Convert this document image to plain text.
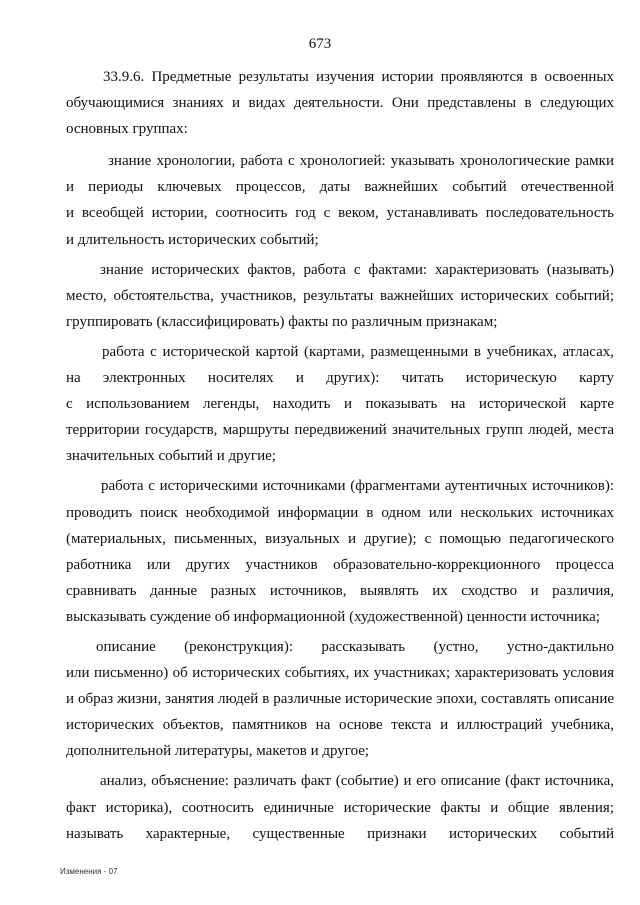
673
33.9.6. Предметные результаты изучения истории проявляются в освоенных
обучающимися знаниях и видах деятельности. Они представлены в следующих
основных группах:
знание хронологии, работа с хронологией: указывать хронологические рамки
и периоды ключевых процессов, даты важнейших событий отечественной
и всеобщей истории, соотносить год с веком, устанавливать последовательность
и длительность исторических событий;
знание исторических фактов, работа с фактами: характеризовать (называть)
место, обстоятельства, участников, результаты важнейших исторических событий;
группировать (классифицировать) факты по различным признакам;
работа с исторической картой (картами, размещенными в учебниках, атласах,
на электронных носителях и других): читать историческую карту
с использованием легенды, находить и показывать на исторической карте
территории государств, маршруты передвижений значительных групп людей, места
значительных событий и другие;
работа с историческими источниками (фрагментами аутентичных источников):
проводить поиск необходимой информации в одном или нескольких источниках
(материальных, письменных, визуальных и другие); с помощью педагогического
работника или других участников образовательно-коррекционного процесса
сравнивать данные разных источников, выявлять их сходство и различия,
высказывать суждение об информационной (художественной) ценности источника;
описание (реконструкция): рассказывать (устно, устно-дактильно
или письменно) об исторических событиях, их участниках; характеризовать условия
и образ жизни, занятия людей в различные исторические эпохи, составлять описание
исторических объектов, памятников на основе текста и иллюстраций учебника,
дополнительной литературы, макетов и другое;
анализ, объяснение: различать факт (событие) и его описание (факт источника,
факт историка), соотносить единичные исторические факты и общие явления;
называть характерные, существенные признаки исторических событий
Изменения - 07
